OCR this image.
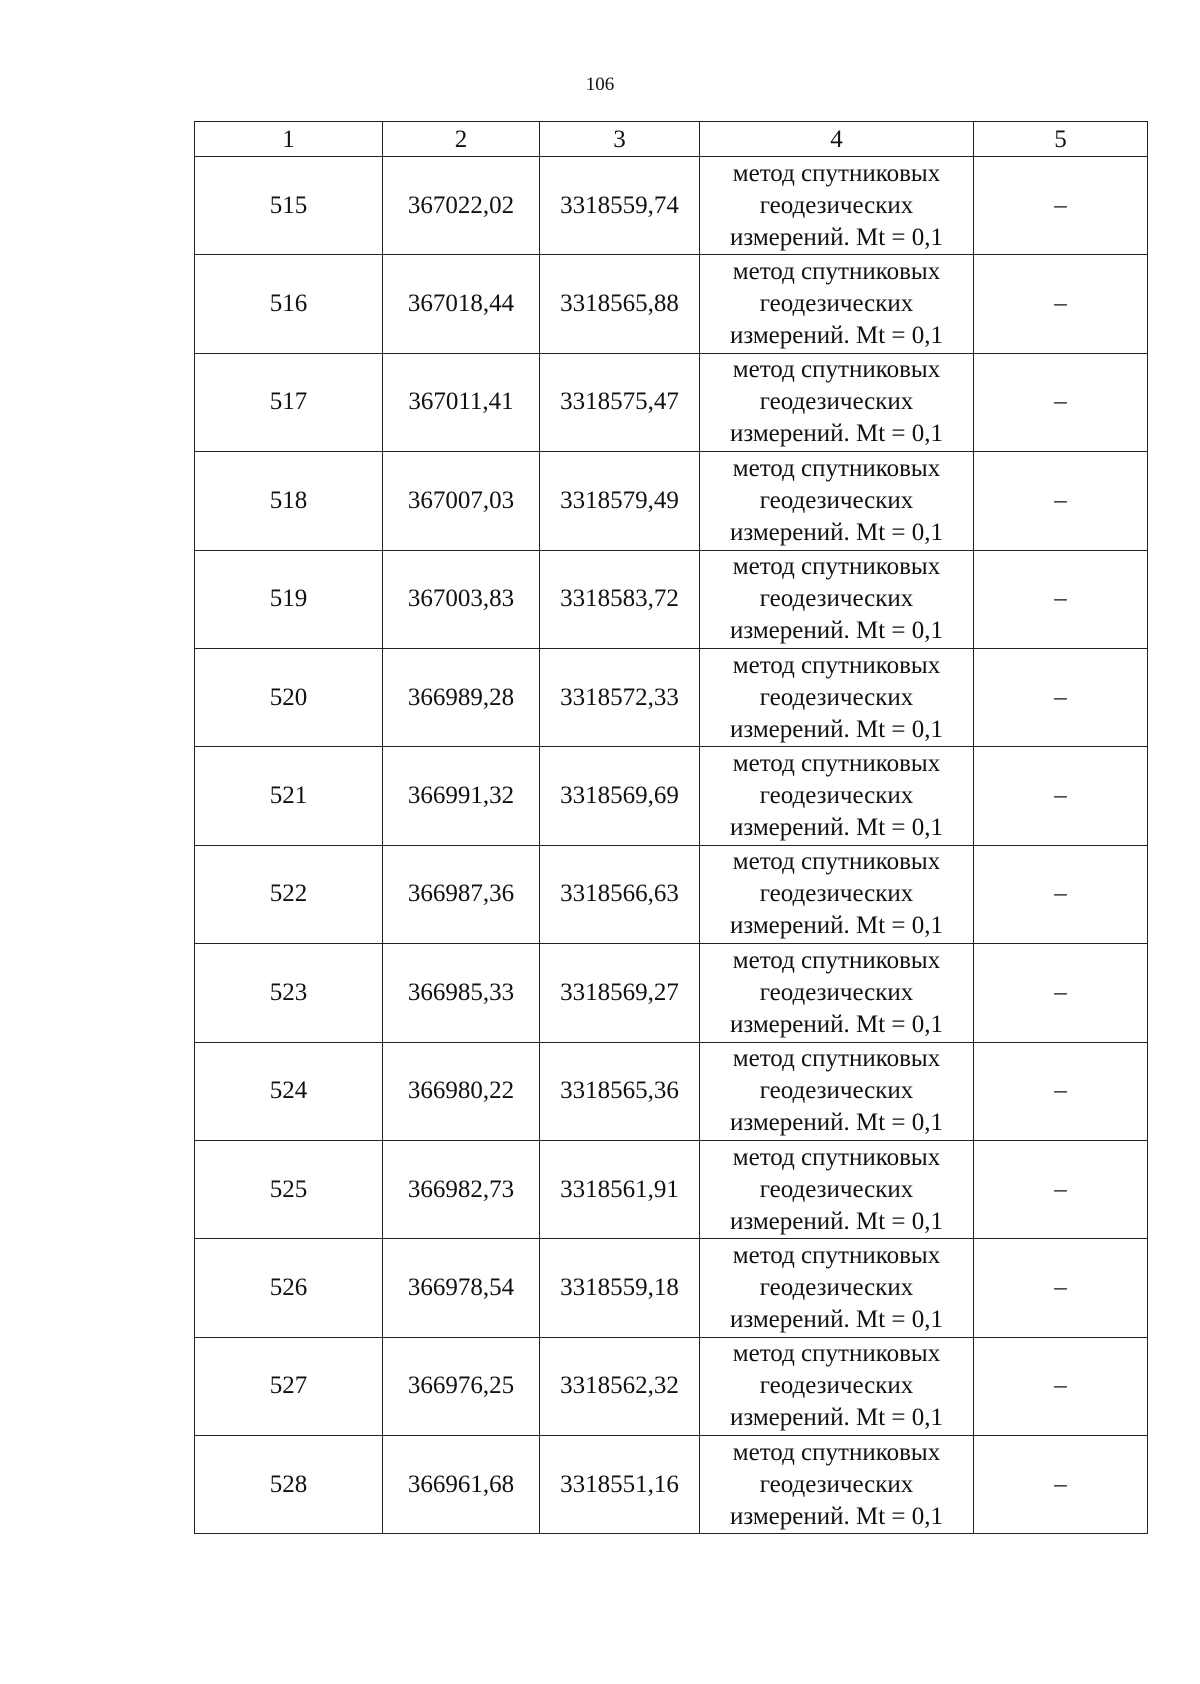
106
1	2	3	4	5
515	367022,02	3318559,74	метод спутниковых геодезических измерений. Mt = 0,1	–
516	367018,44	3318565,88	метод спутниковых геодезических измерений. Mt = 0,1	–
517	367011,41	3318575,47	метод спутниковых геодезических измерений. Mt = 0,1	–
518	367007,03	3318579,49	метод спутниковых геодезических измерений. Mt = 0,1	–
519	367003,83	3318583,72	метод спутниковых геодезических измерений. Mt = 0,1	–
520	366989,28	3318572,33	метод спутниковых геодезических измерений. Mt = 0,1	–
521	366991,32	3318569,69	метод спутниковых геодезических измерений. Mt = 0,1	–
522	366987,36	3318566,63	метод спутниковых геодезических измерений. Mt = 0,1	–
523	366985,33	3318569,27	метод спутниковых геодезических измерений. Mt = 0,1	–
524	366980,22	3318565,36	метод спутниковых геодезических измерений. Mt = 0,1	–
525	366982,73	3318561,91	метод спутниковых геодезических измерений. Mt = 0,1	–
526	366978,54	3318559,18	метод спутниковых геодезических измерений. Mt = 0,1	–
527	366976,25	3318562,32	метод спутниковых геодезических измерений. Mt = 0,1	–
528	366961,68	3318551,16	метод спутниковых геодезических измерений. Mt = 0,1	–
